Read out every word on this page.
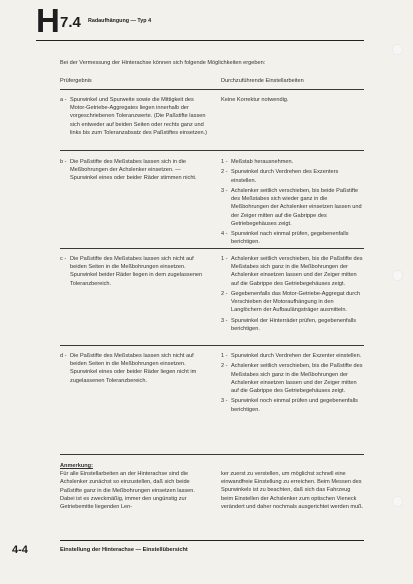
H 7.4 Radaufhängung — Typ 4
Bei der Vermessung der Hinterachse können sich folgende Möglichkeiten ergeben:
Prüfergebnis	Durchzuführende Einstellarbeiten
a - Spurwinkel und Spurweite sowie die Mittigkeit des Motor-Getriebe-Aggregates liegen innerhalb der vorgeschriebenen Toleranzwerte. (Die Paßstifte lassen sich entweder auf beiden Seiten oder rechts ganz und links bis zum Toleranzabsatz des Paßstiftes einsetzen.)
Keine Korrektur notwendig.
b - Die Paßstifte des Meßstabes lassen sich in die Meßbohrungen der Achslenker einsetzen. — Spurwinkel eines oder beider Räder stimmen nicht.
1 - Meßstab herausnehmen.
2 - Spurwinkel durch Verdrehen des Exzenters einstellen.
3 - Achslenker seitlich verschieben, bis beide Paßstifte des Meßstabes sich wieder ganz in die Meßbohrungen der Achslenker einsetzen lassen und der Zeiger mitten auf die Gabrippe des Getriebegehäuses zeigt.
4 - Spurwinkel nach einmal prüfen, gegebenenfalls berichtigen.
c - Die Paßstifte des Meßstabes lassen sich nicht auf beiden Seiten in die Meßbohrungen einsetzen. Spurwinkel beider Räder liegen in dem zugelassenen Toleranzbereich.
1 - Achslenker seitlich verschieben, bis die Paßstifte des Meßstabes sich ganz in die Meßbohrungen der Achslenker einsetzen lassen und der Zeiger mitten auf die Gabrippe des Getriebegehäuses zeigt.
2 - Gegebenenfalls das Motor-Getriebe-Aggregat durch Verschieben der Motoraufhängung in den Langlöchern der Aufbaulängsträger ausmitteln.
3 - Spurwinkel der Hinterräder prüfen, gegebenenfalls berichtigen.
d - Die Paßstifte des Meßstabes lassen sich nicht auf beiden Seiten in die Meßbohrungen einsetzen. Spurwinkel eines oder beider Räder liegen nicht im zugelassenen Toleranzbereich.
1 - Spurwinkel durch Verdrehen der Exzenter einstellen.
2 - Achslenker seitlich verschieben, bis die Paßstifte des Meßstabes sich ganz in die Meßbohrungen der Achslenker einsetzen lassen und der Zeiger mitten auf die Gabrippe des Getriebegehäuses zeigt.
3 - Spurwinkel noch einmal prüfen und gegebenenfalls berichtigen.
Anmerkung:
Für alle Einstellarbeiten an der Hinterachse sind die Achslenker zunächst so einzustellen, daß sich beide Paßstifte ganz in die Meßbohrungen einsetzen lassen. Dabei ist es zweckmäßig, immer den ungünstig zur Getriebemitte liegenden Len-
ker zuerst zu verstellen, um möglichst schnell eine einwandfreie Einstellung zu erreichen. Beim Messen des Spurwinkels ist zu beachten, daß sich das Fahrzeug beim Einstellen der Achslenker zum optischen Vieneck verändert und daher nochmals ausgerichtet werden muß.
4-4	Einstellung der Hinterachse — Einstellübersicht
